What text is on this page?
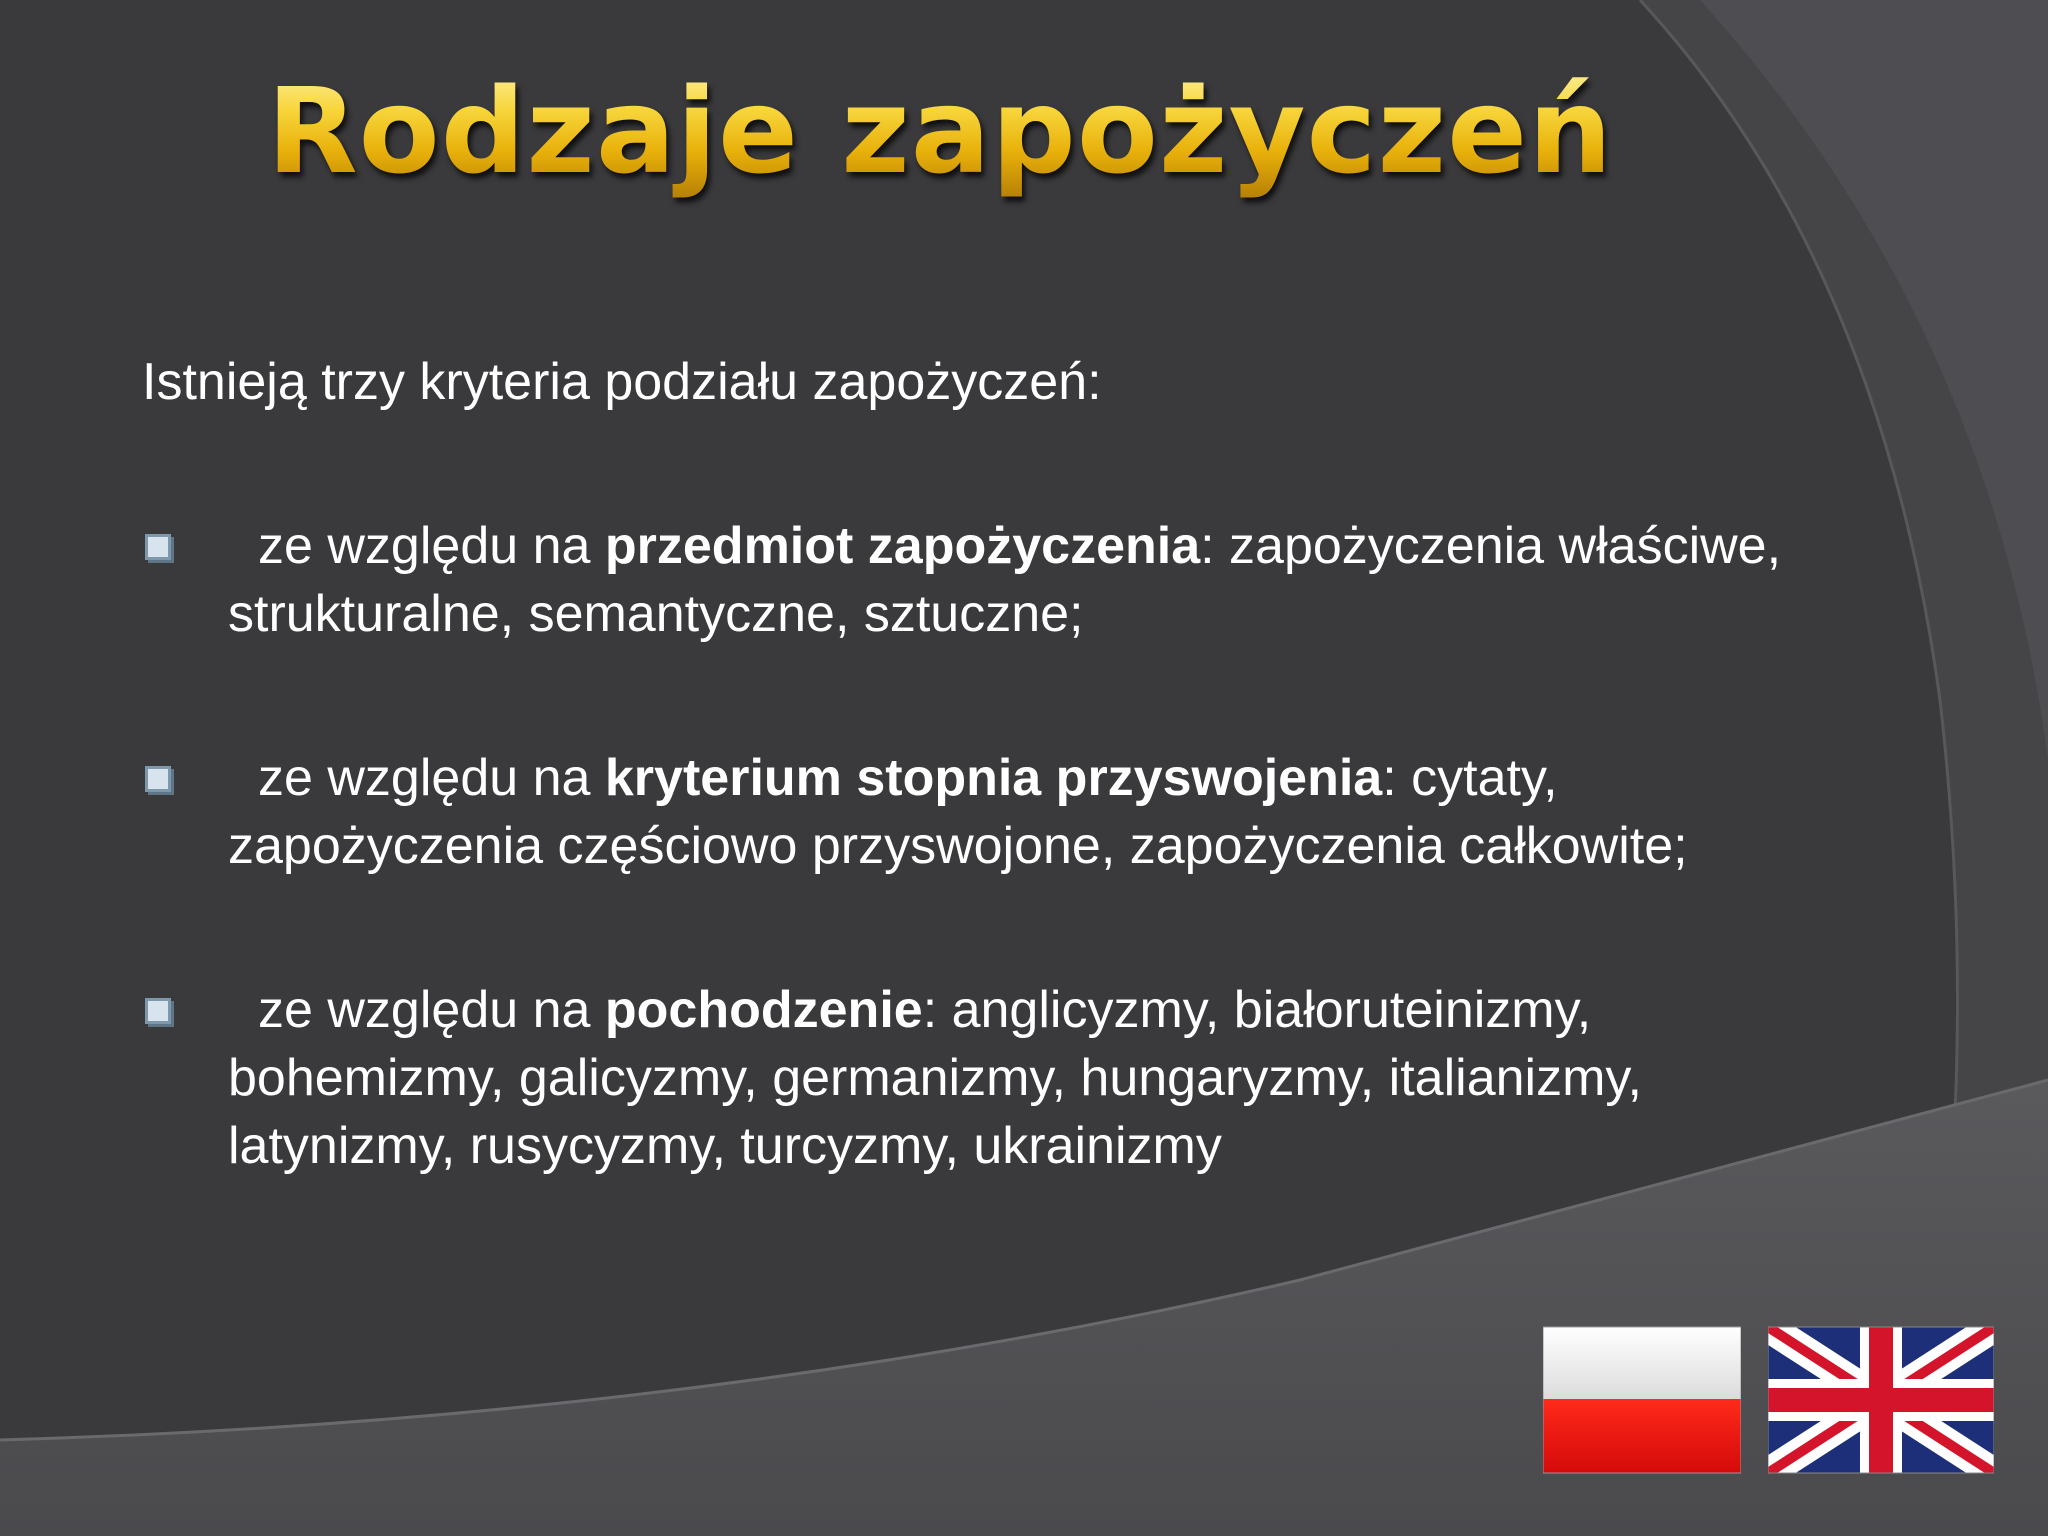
Rodzaje zapożyczeń
Istnieją trzy kryteria podziału zapożyczeń:
ze względu na przedmiot zapożyczenia: zapożyczenia właściwe, strukturalne, semantyczne, sztuczne;
ze względu na kryterium stopnia przyswojenia: cytaty, zapożyczenia częściowo przyswojone, zapożyczenia całkowite;
ze względu na pochodzenie: anglicyzmy, białoruteinizmy, bohemizmy, galicyzmy, germanizmy, hungaryzmy, italianizmy, latynizmy, rusycyzmy, turcyzmy, ukrainizmy
